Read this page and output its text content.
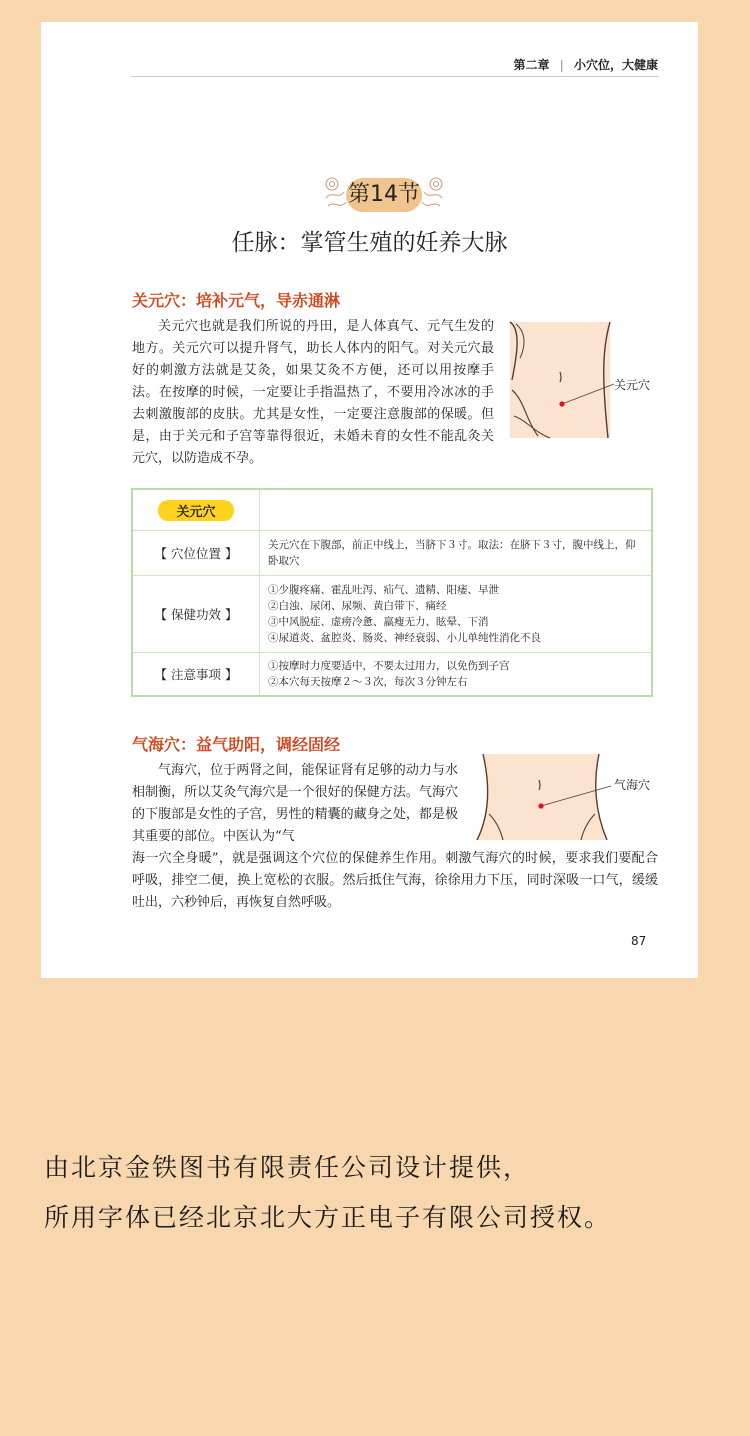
第二章 | 小穴位，大健康
第14节
任脉：掌管生殖的妊养大脉
关元穴：培补元气，导赤通淋

关元穴也就是我们所说的丹田，是人体真气、元气生发的地方。关元穴可以提升肾气，助长人体内的阳气。对关元穴最好的刺激方法就是艾灸，如果艾灸不方便，还可以用按摩手法。在按摩的时候，一定要让手指温热了，不要用冷冰冰的手去刺激腹部的皮肤。尤其是女性，一定要注意腹部的保暖。但是，由于关元和子宫等靠得很近，未婚未育的女性不能乱灸关元穴，以防造成不孕。

关元穴
关元穴	
【 穴位位置 】	关元穴在下腹部，前正中线上，当脐下３寸。取法：在脐下３寸，腹中线上，仰卧取穴

【 保健功效 】	①少腹疼痛、霍乱吐泻、疝气、遗精、阳痿、早泄
②白浊、尿闭、尿频、黄白带下、痛经
③中风脱症、虚痨冷惫、羸瘦无力、眩晕、下消
④尿道炎、盆腔炎、肠炎、神经衰弱、小儿单纯性消化不良

【 注意事项 】	①按摩时力度要适中，不要太过用力，以免伤到子宫
②本穴每天按摩２～３次，每次３分钟左右
气海穴：益气助阳，调经固经

气海穴，位于两肾之间，能保证肾有足够的动力与水相制衡，所以艾灸气海穴是一个很好的保健方法。气海穴的下腹部是女性的子宫，男性的精囊的藏身之处，都是极其重要的部位。中医认为“气

海一穴全身暖”，就是强调这个穴位的保健养生作用。刺激气海穴的时候，要求我们要配合呼吸，排空二便，换上宽松的衣服。然后抵住气海，徐徐用力下压，同时深吸一口气，缓缓吐出，六秒钟后，再恢复自然呼吸。

气海穴
87
由北京金铁图书有限责任公司设计提供，
所用字体已经北京北大方正电子有限公司授权。
